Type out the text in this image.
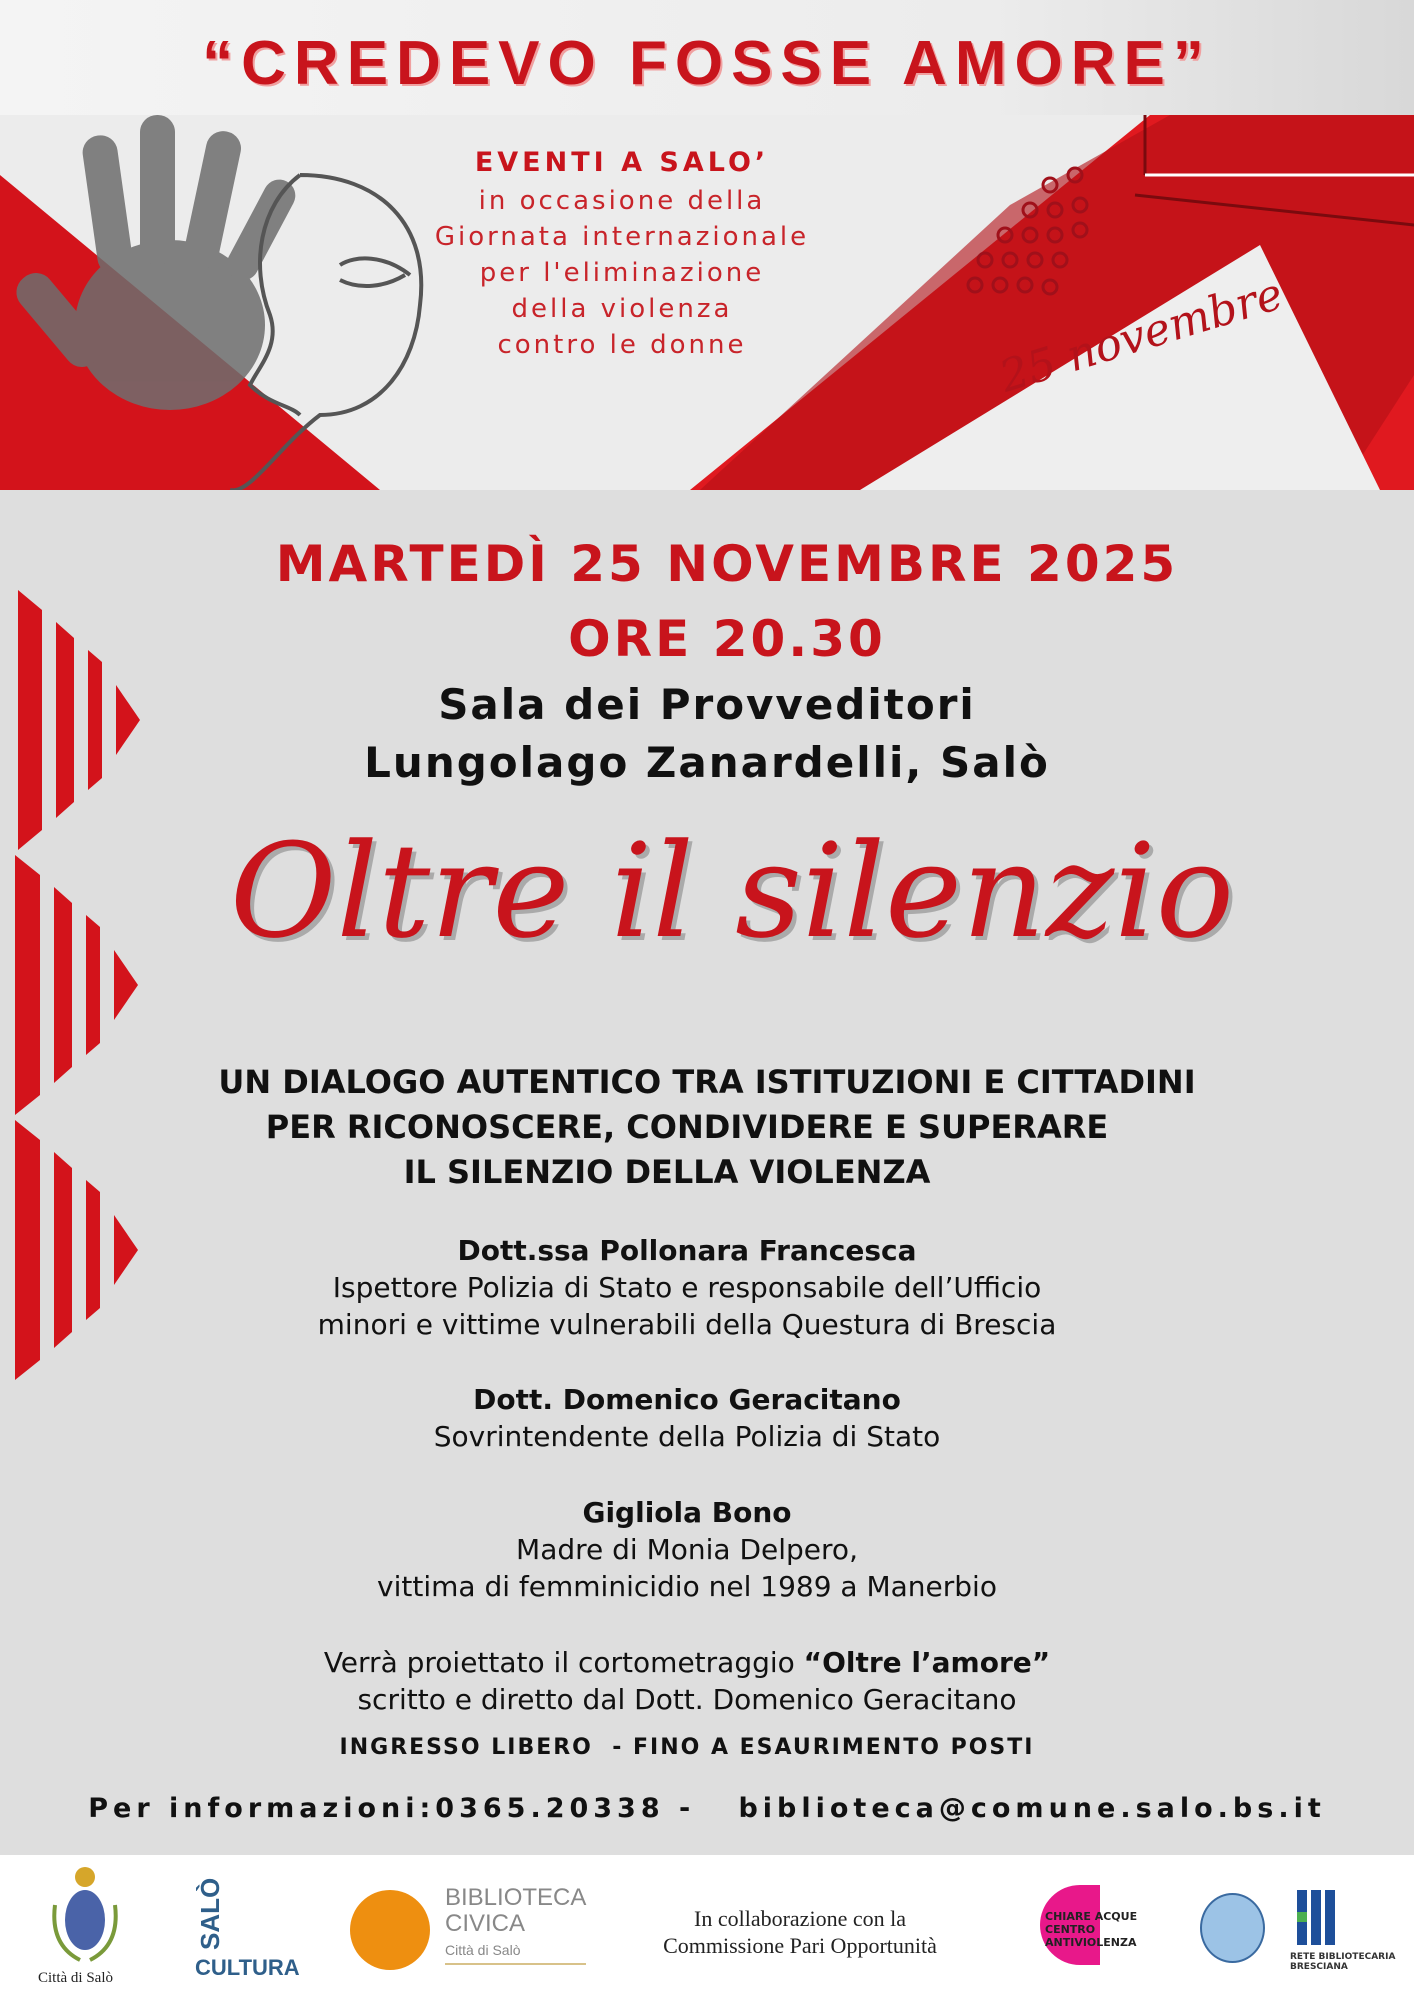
“CREDEVO FOSSE AMORE”
EVENTI A SALO’
in occasione della
Giornata internazionale
per l'eliminazione
della violenza
contro le donne	25 novembre
MARTEDÌ 25 NOVEMBRE 2025
ORE 20.30
Sala dei Provveditori
Lungolago Zanardelli, Salò
Oltre il silenzio
UN DIALOGO AUTENTICO TRA ISTITUZIONI E CITTADINI
PER RICONOSCERE, CONDIVIDERE E SUPERARE
IL SILENZIO DELLA VIOLENZA
Dott.ssa Pollonara Francesca
Ispettore Polizia di Stato e responsabile dell’Ufficio
minori e vittime vulnerabili della Questura di Brescia
Dott. Domenico Geracitano
Sovrintendente della Polizia di Stato
Gigliola Bono
Madre di Monia Delpero,
vittima di femminicidio nel 1989 a Manerbio
Verrà proiettato il cortometraggio “Oltre l’amore”
scritto e diretto dal Dott. Domenico Geracitano
INGRESSO LIBERO  - FINO A ESAURIMENTO POSTI
Per informazioni:0365.20338 -   biblioteca@comune.salo.bs.it
Città di Salò
SALÒ
CULTURA
BIBLIOTECA
CIVICA
Città di Salò
In collaborazione con la
Commissione Pari Opportunità
CHIARE ACQUE
CENTRO
ANTIVIOLENZA
RETE BIBLIOTECARIA
BRESCIANA
